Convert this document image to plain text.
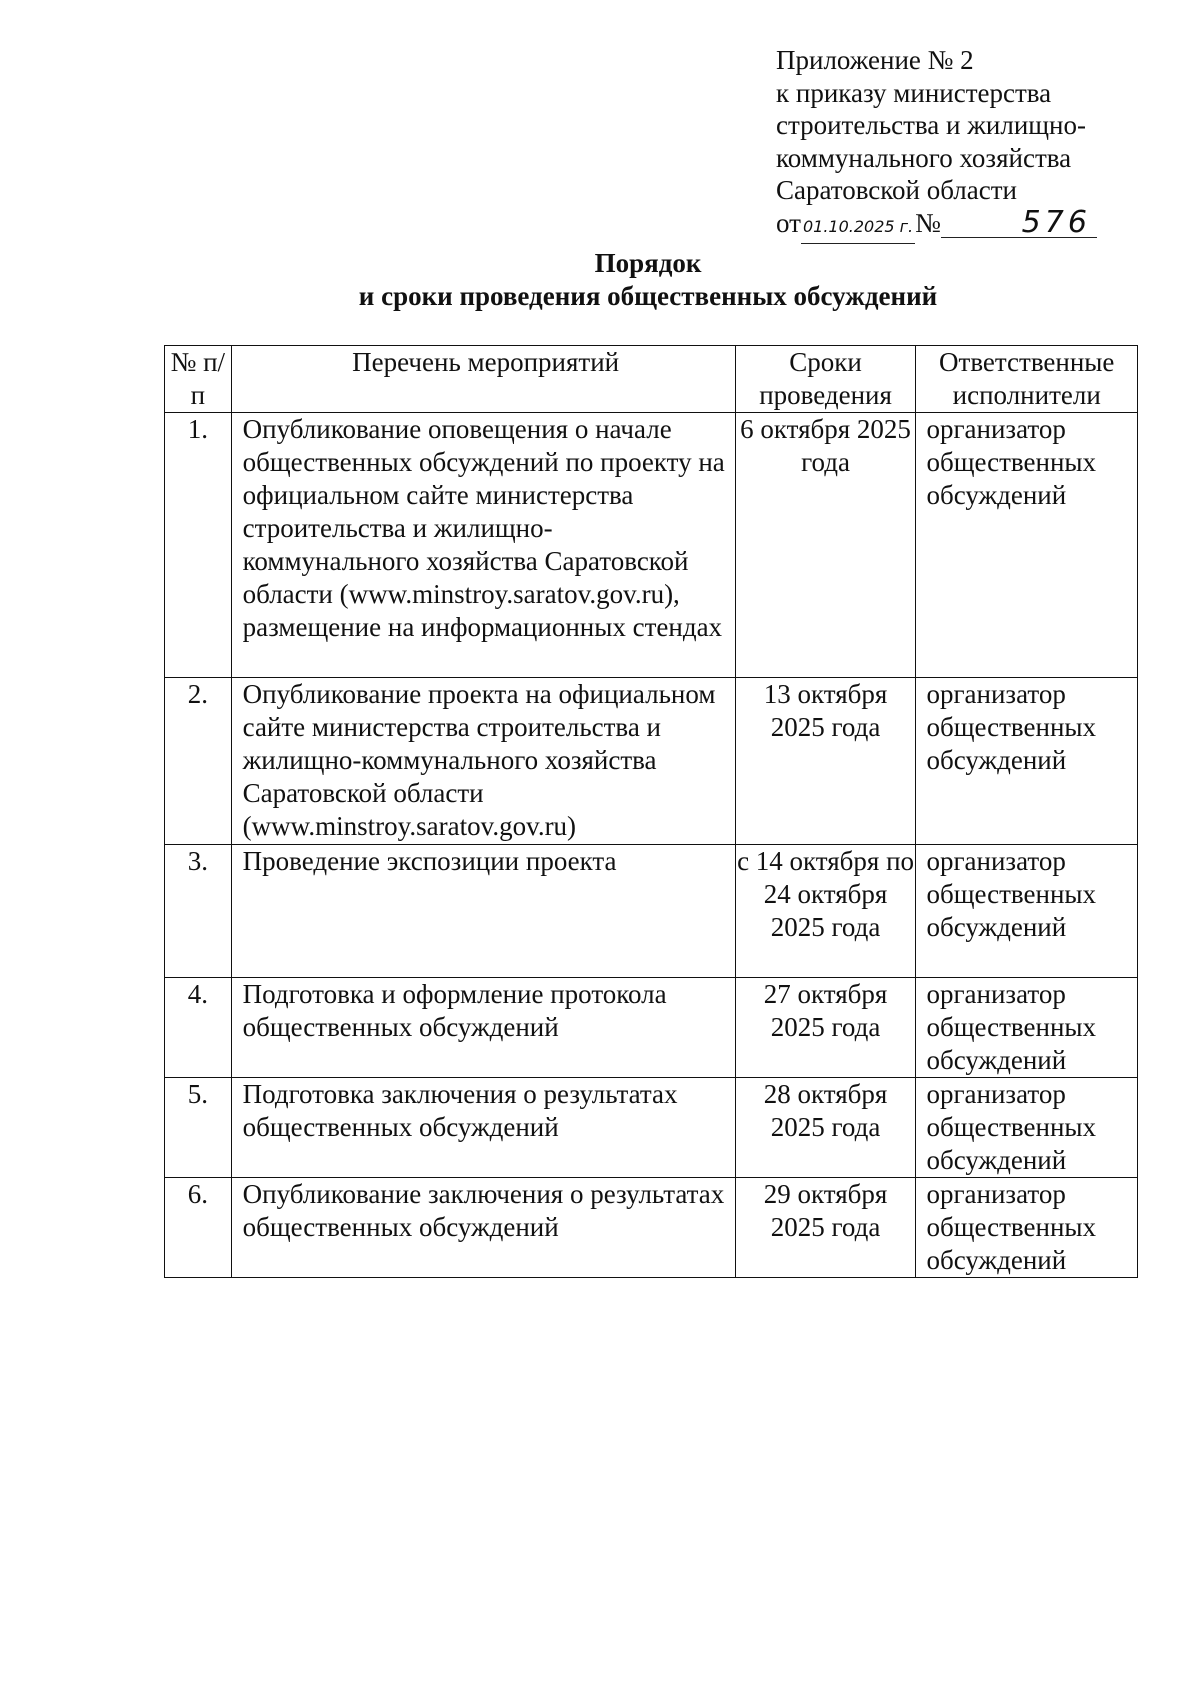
Приложение № 2
к приказу министерства
строительства и жилищно-
коммунального хозяйства
Саратовской области
от 01.10.2025 г.№	576
Порядок
и сроки проведения общественных обсуждений
№ п/п	Перечень мероприятий	Сроки проведения	Ответственные исполнители
1.	Опубликование оповещения о начале общественных обсуждений по проекту на официальном сайте министерства строительства и жилищно-коммунального хозяйства Саратовской области (www.minstroy.saratov.gov.ru), размещение на информационных стендах	6 октября 2025 года	организатор общественных обсуждений
2.	Опубликование проекта на официальном сайте министерства строительства и жилищно-коммунального хозяйства Саратовской области (www.minstroy.saratov.gov.ru)	13 октября 2025 года	организатор общественных обсуждений
3.	Проведение экспозиции проекта	с 14 октября по 24 октября 2025 года	организатор общественных обсуждений
4.	Подготовка и оформление протокола общественных обсуждений	27 октября 2025 года	организатор общественных обсуждений
5.	Подготовка заключения о результатах общественных обсуждений	28 октября 2025 года	организатор общественных обсуждений
6.	Опубликование заключения о результатах общественных обсуждений	29 октября 2025 года	организатор общественных обсуждений
